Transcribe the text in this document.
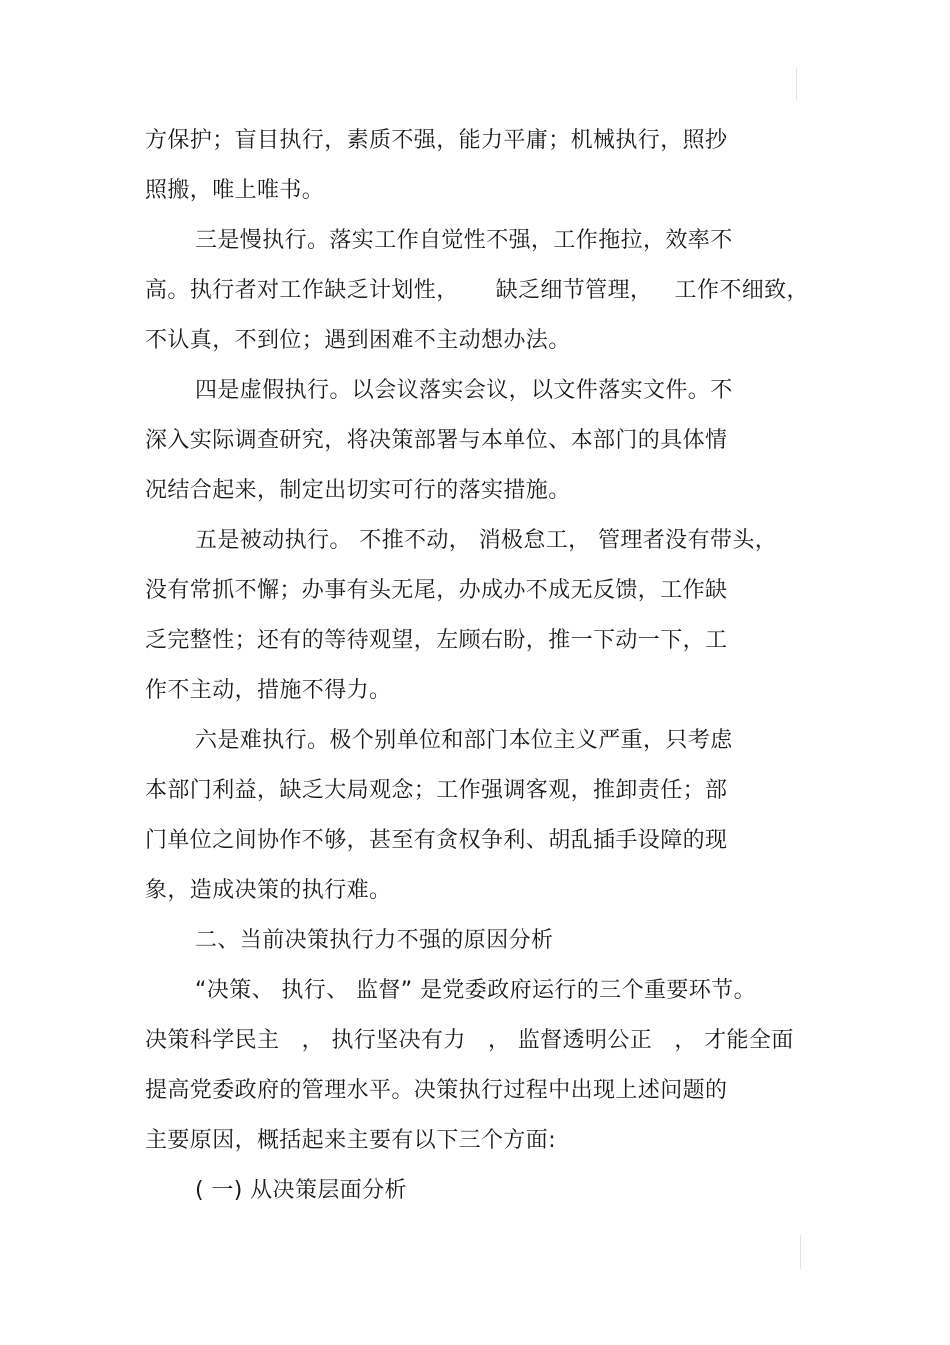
方保护；盲目执行，素质不强，能力平庸；机械执行，照抄
照搬，唯上唯书。
三是慢执行。落实工作自觉性不强，工作拖拉，效率不
高。执行者对工作缺乏计划性，     缺乏细节管理，   工作不细致，
不认真，不到位；遇到困难不主动想办法。
四是虚假执行。以会议落实会议，以文件落实文件。不
深入实际调查研究，将决策部署与本单位、本部门的具体情
况结合起来，制定出切实可行的落实措施。
五是被动执行。 不推不动， 消极怠工， 管理者没有带头，
没有常抓不懈；办事有头无尾，办成办不成无反馈，工作缺
乏完整性；还有的等待观望，左顾右盼，推一下动一下，工
作不主动，措施不得力。
六是难执行。极个别单位和部门本位主义严重，只考虑
本部门利益，缺乏大局观念；工作强调客观，推卸责任；部
门单位之间协作不够，甚至有贪权争利、胡乱插手设障的现
象，造成决策的执行难。
二、当前决策执行力不强的原因分析
“决策、 执行、 监督” 是党委政府运行的三个重要环节。
决策科学民主   ， 执行坚决有力   ， 监督透明公正   ， 才能全面
提高党委政府的管理水平。决策执行过程中出现上述问题的
主要原因，概括起来主要有以下三个方面:
( 一) 从决策层面分析
